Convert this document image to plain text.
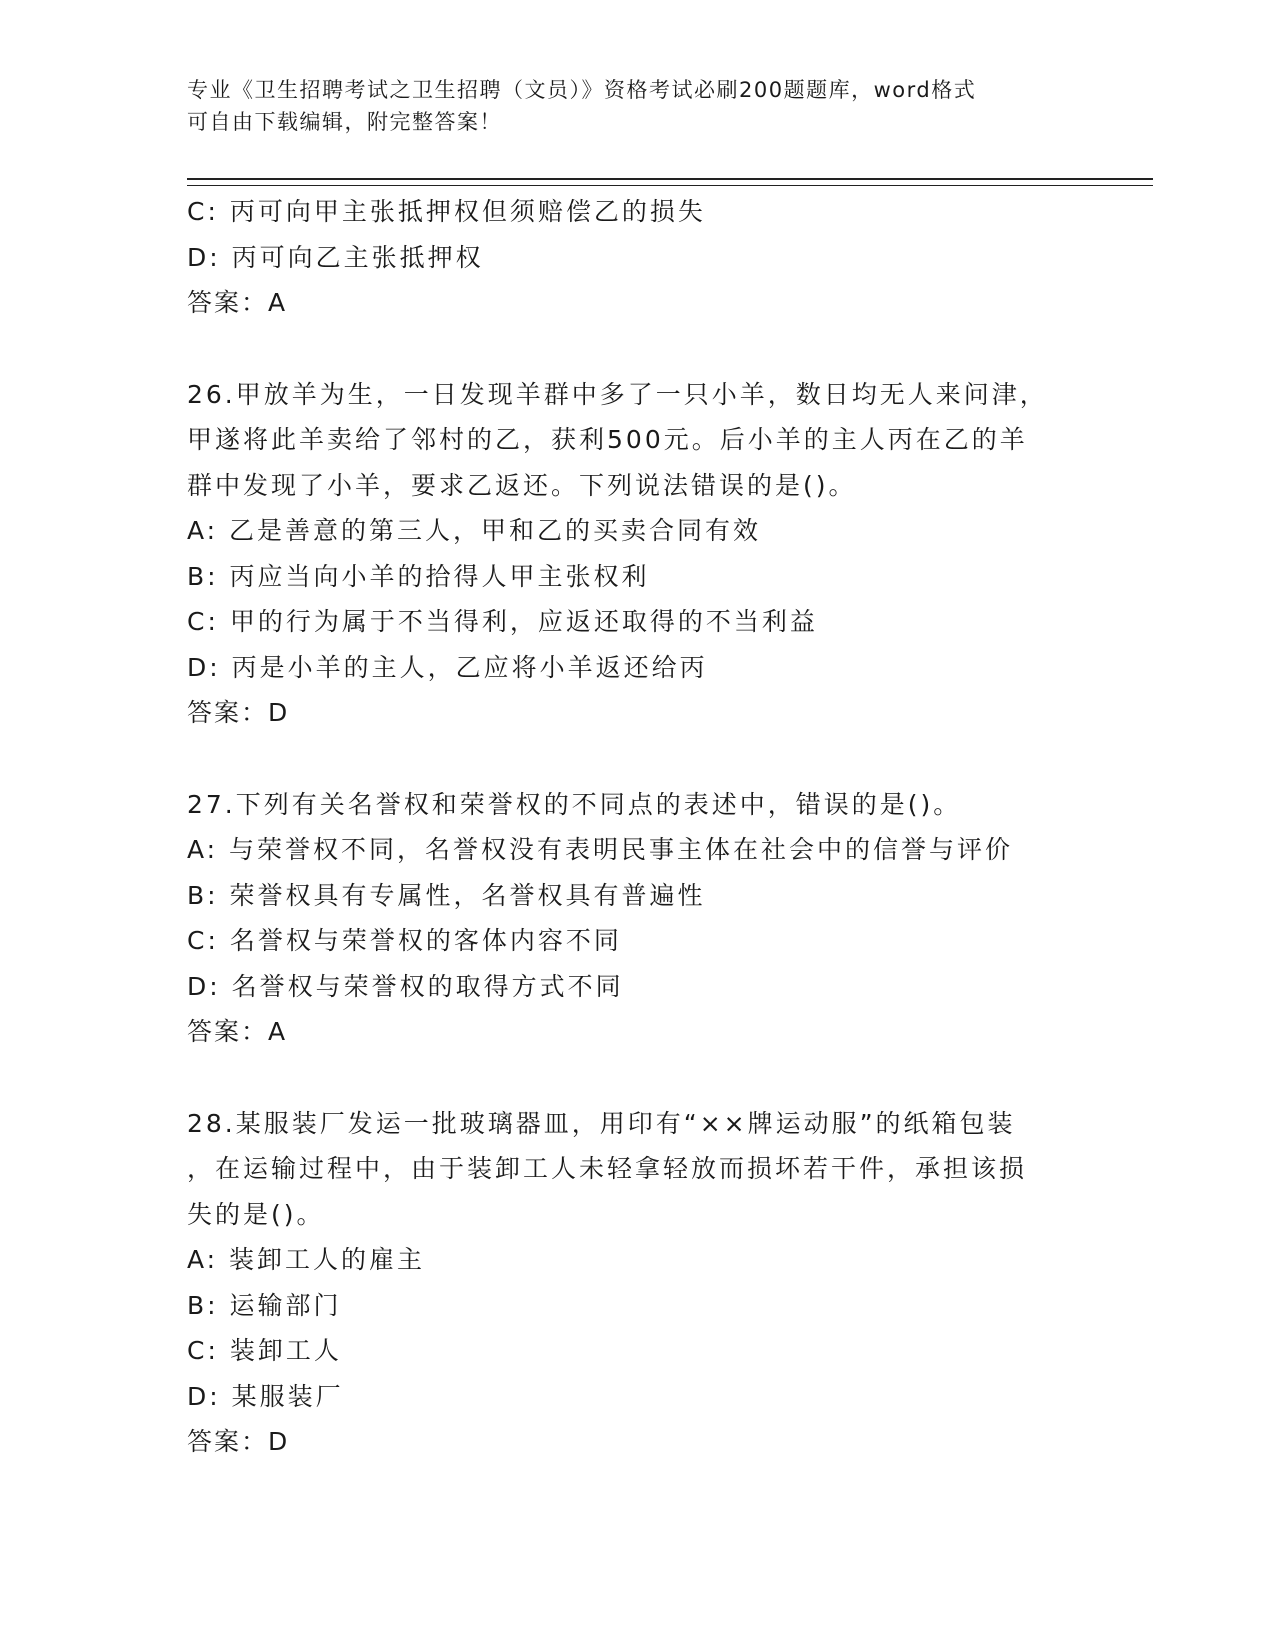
专业《卫生招聘考试之卫生招聘（文员）》资格考试必刷200题题库，word格式
可自由下载编辑，附完整答案！
C: 丙可向甲主张抵押权但须赔偿乙的损失
D: 丙可向乙主张抵押权
答案：A
26.甲放羊为生，一日发现羊群中多了一只小羊，数日均无人来问津，
甲遂将此羊卖给了邻村的乙，获利500元。后小羊的主人丙在乙的羊
群中发现了小羊，要求乙返还。下列说法错误的是()。
A: 乙是善意的第三人，甲和乙的买卖合同有效
B: 丙应当向小羊的拾得人甲主张权利
C: 甲的行为属于不当得利，应返还取得的不当利益
D: 丙是小羊的主人，乙应将小羊返还给丙
答案：D
27.下列有关名誉权和荣誉权的不同点的表述中，错误的是()。
A: 与荣誉权不同，名誉权没有表明民事主体在社会中的信誉与评价
B: 荣誉权具有专属性，名誉权具有普遍性
C: 名誉权与荣誉权的客体内容不同
D: 名誉权与荣誉权的取得方式不同
答案：A
28.某服装厂发运一批玻璃器皿，用印有“××牌运动服”的纸箱包装
，在运输过程中，由于装卸工人未轻拿轻放而损坏若干件，承担该损
失的是()。
A: 装卸工人的雇主
B: 运输部门
C: 装卸工人
D: 某服装厂
答案：D
